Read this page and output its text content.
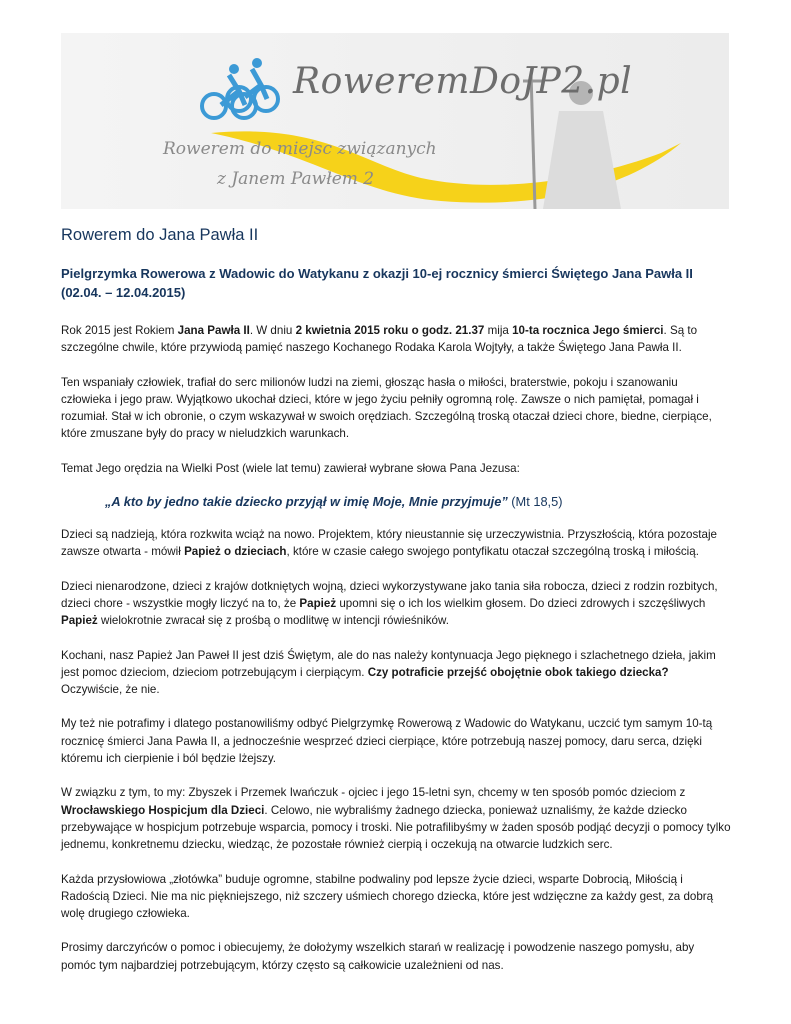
RoweremDoJP2.pl
Rowerem do miejsc związanych
z Janem Pawłem 2
Rowerem do Jana Pawła II
Pielgrzymka Rowerowa z Wadowic do Watykanu z okazji 10-ej rocznicy śmierci Świętego Jana Pawła II
(02.04. – 12.04.2015)

Rok 2015 jest Rokiem Jana Pawła II. W dniu 2 kwietnia 2015 roku o godz. 21.37 mija 10-ta rocznica Jego śmierci. Są to szczególne chwile, które przywiodą pamięć naszego Kochanego Rodaka Karola Wojtyły, a także Świętego Jana Pawła II.

Ten wspaniały człowiek, trafiał do serc milionów ludzi na ziemi, głosząc hasła o miłości, braterstwie, pokoju i szanowaniu człowieka i jego praw. Wyjątkowo ukochał dzieci, które w jego życiu pełniły ogromną rolę. Zawsze o nich pamiętał, pomagał i rozumiał. Stał w ich obronie, o czym wskazywał w swoich orędziach. Szczególną troską otaczał dzieci chore, biedne, cierpiące, które zmuszane były do pracy w nieludzkich warunkach.

Temat Jego orędzia na Wielki Post (wiele lat temu) zawierał wybrane słowa Pana Jezusa:

„A kto by jedno takie dziecko przyjął w imię Moje, Mnie przyjmuje” (Mt 18,5)

Dzieci są nadzieją, która rozkwita wciąż na nowo. Projektem, który nieustannie się urzeczywistnia. Przyszłością, która pozostaje zawsze otwarta - mówił Papież o dzieciach, które w czasie całego swojego pontyfikatu otaczał szczególną troską i miłością.

Dzieci nienarodzone, dzieci z krajów dotkniętych wojną, dzieci wykorzystywane jako tania siła robocza, dzieci z rodzin rozbitych, dzieci chore - wszystkie mogły liczyć na to, że Papież upomni się o ich los wielkim głosem. Do dzieci zdrowych i szczęśliwych Papież wielokrotnie zwracał się z prośbą o modlitwę w intencji rówieśników.

Kochani, nasz Papież Jan Paweł II jest dziś Świętym, ale do nas należy kontynuacja Jego pięknego i szlachetnego dzieła, jakim jest pomoc dzieciom, dzieciom potrzebującym i cierpiącym. Czy potraficie przejść obojętnie obok takiego dziecka? Oczywiście, że nie.

My też nie potrafimy i dlatego postanowiliśmy odbyć Pielgrzymkę Rowerową z Wadowic do Watykanu, uczcić tym samym 10-tą rocznicę śmierci Jana Pawła II, a jednocześnie wesprzeć dzieci cierpiące, które potrzebują naszej pomocy, daru serca, dzięki któremu ich cierpienie i ból będzie lżejszy.

W związku z tym, to my: Zbyszek i Przemek Iwańczuk - ojciec i jego 15-letni syn, chcemy w ten sposób pomóc dzieciom z Wrocławskiego Hospicjum dla Dzieci. Celowo, nie wybraliśmy żadnego dziecka, ponieważ uznaliśmy, że każde dziecko przebywające w hospicjum potrzebuje wsparcia, pomocy i troski. Nie potrafilibyśmy w żaden sposób podjąć decyzji o pomocy tylko jednemu, konkretnemu dziecku, wiedząc, że pozostałe również cierpią i oczekują na otwarcie ludzkich serc.

Każda przysłowiowa „złotówka” buduje ogromne, stabilne podwaliny pod lepsze życie dzieci, wsparte Dobrocią, Miłością i Radością Dzieci. Nie ma nic piękniejszego, niż szczery uśmiech chorego dziecka, które jest wdzięczne za każdy gest, za dobrą wolę drugiego człowieka.

Prosimy darczyńców o pomoc i obiecujemy, że dołożymy wszelkich starań w realizację i powodzenie naszego pomysłu, aby pomóc tym najbardziej potrzebującym, którzy często są całkowicie uzależnieni od nas.
